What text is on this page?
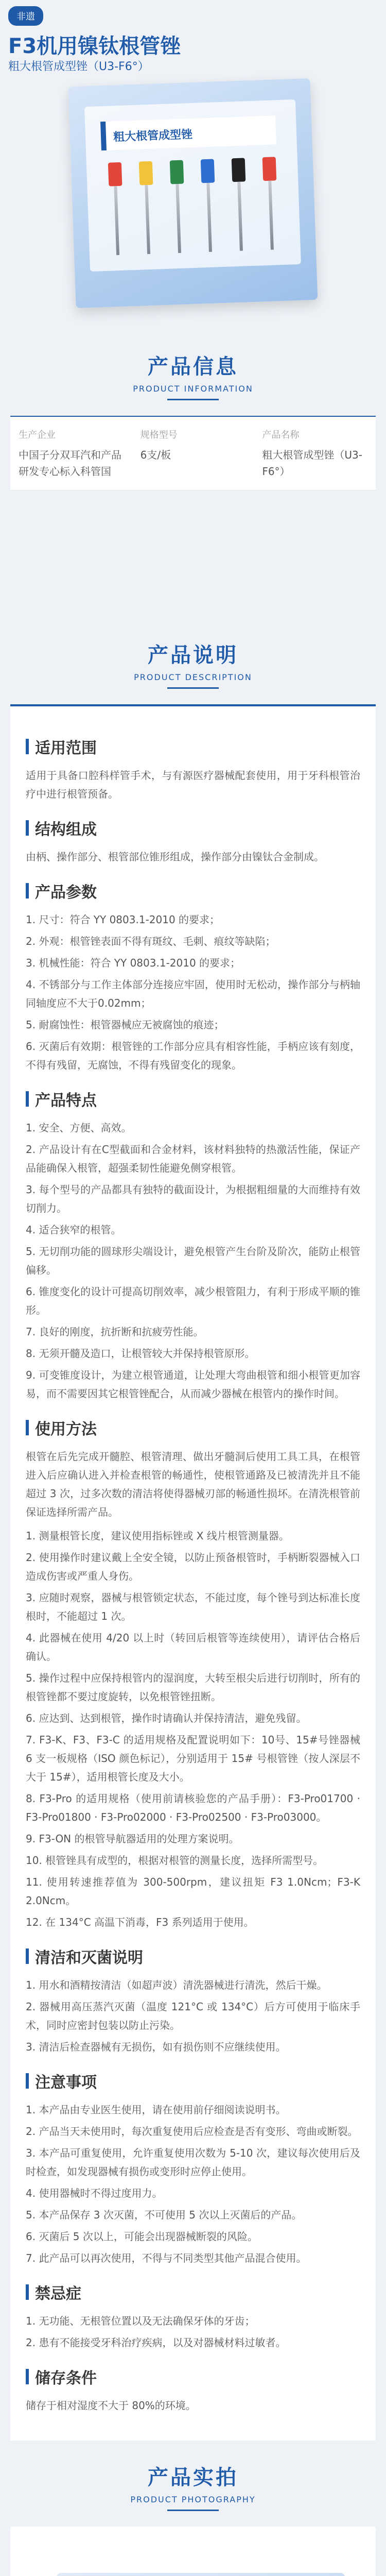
非遗
F3机用镍钛根管锉
粗大根管成型锉（U3-F6°）
粗大根管成型锉
产品信息
PRODUCT INFORMATION
生产企业
中国子分双耳汽和产品研发专心标入科管国
规格型号
6支/板
产品名称
粗大根管成型锉（U3-F6°）
产品说明
PRODUCT DESCRIPTION
适用范围
适用于具备口腔科样管手术，与有源医疗器械配套使用，用于牙科根管治疗中进行根管预备。
结构组成
由柄、操作部分、根管部位锥形组成，操作部分由镍钛合金制成。
产品参数
1. 尺寸：符合 YY 0803.1-2010 的要求；
2. 外观：根管锉表面不得有斑纹、毛刺、痕纹等缺陷；
3. 机械性能：符合 YY 0803.1-2010 的要求；
4. 不锈部分与工作主体部分连接应牢固，使用时无松动，操作部分与柄轴同轴度应不大于0.02mm；
5. 耐腐蚀性：根管器械应无被腐蚀的痕迹；
6. 灭菌后有效期：根管锉的工作部分应具有相容性能，手柄应该有刻度，不得有残留，无腐蚀，不得有残留变化的现象。
产品特点
1. 安全、方便、高效。
2. 产品设计有在C型截面和合金材料，该材料独特的热激活性能，保证产品能确保入根管，超强柔韧性能避免侧穿根管。
3. 每个型号的产品都具有独特的截面设计，为根据粗细量的大而维持有效切削力。
4. 适合狭窄的根管。
5. 无切削功能的圆球形尖端设计，避免根管产生台阶及阶次，能防止根管偏移。
6. 锥度变化的设计可提高切削效率，减少根管阻力，有利于形成平顺的锥形。
7. 良好的刚度，抗折断和抗疲劳性能。
8. 无须开髓及造口，让根管较大并保持根管原形。
9. 可变锥度设计，为建立根管通道，让处理大弯曲根管和细小根管更加容易，而不需要因其它根管锉配合，从而减少器械在根管内的操作时间。
使用方法
根管在后先完成开髓腔、根管清理、做出牙髓洞后使用工具工具，在根管进入后应确认进入并检查根管的畅通性，使根管通路及已被清洗并且不能超过 3 次，过多次数的清洁将使得器械刃部的畅通性损坏。在清洗根管前保证选择所需产品。
1. 测量根管长度，建议使用指标锉或 X 线片根管测量器。
2. 使用操作时建议戴上全安全镜，以防止预备根管时，手柄断裂器械入口造成伤害或严重人身伤。
3. 应随时观察，器械与根管锁定状态，不能过度，每个锉号到达标准长度根时，不能超过 1 次。
4. 此器械在使用 4/20 以上时（转回后根管等连续使用），请评估合格后确认。
5. 操作过程中应保持根管内的湿润度，大转至根尖后进行切削时，所有的根管锉都不要过度旋转，以免根管锉扭断。
6. 应达到、达到根管，操作时请确认并保持清洁，避免残留。
7. F3-K、F3、F3-C 的适用规格及配置说明如下：10号、15#号锉器械 6 支一板规格（ISO 颜色标记），分别适用于 15# 号根管锉（按人深层不大于 15#），适用根管长度及大小。
8. F3-Pro 的适用规格（使用前请核验您的产品手册）：F3-Pro01700 · F3-Pro01800 · F3-Pro02000 · F3-Pro02500 · F3-Pro03000。
9. F3-ON 的根管导航器适用的处理方案说明。
10. 根管锉具有成型的，根据对根管的测量长度，选择所需型号。
11. 使用转速推荐值为 300-500rpm，建议扭矩 F3 1.0Ncm；F3-K 2.0Ncm。
12. 在 134°C 高温下消毒，F3 系列适用于使用。
清洁和灭菌说明
1. 用水和酒精按清洁（如超声波）清洗器械进行清洗，然后干燥。
2. 器械用高压蒸汽灭菌（温度 121°C 或 134°C）后方可使用于临床手术，同时应密封包装以防止污染。
3. 清洁后检查器械有无损伤，如有损伤则不应继续使用。
注意事项
1. 本产品由专业医生使用，请在使用前仔细阅读说明书。
2. 产品当天未使用时，每次重复使用后应检查是否有变形、弯曲或断裂。
3. 本产品可重复使用，允许重复使用次数为 5-10 次，建议每次使用后及时检查，如发现器械有损伤或变形时应停止使用。
4. 使用器械时不得过度用力。
5. 本产品保存 3 次灭菌，不可使用 5 次以上灭菌后的产品。
6. 灭菌后 5 次以上，可能会出现器械断裂的风险。
7. 此产品可以再次使用，不得与不同类型其他产品混合使用。
禁忌症
1. 无功能、无根管位置以及无法确保牙体的牙齿；
2. 患有不能接受牙科治疗疾病，以及对器械材料过敏者。
储存条件
储存于相对湿度不大于 80%的环境。
产品实拍
PRODUCT PHOTOGRAPHY
